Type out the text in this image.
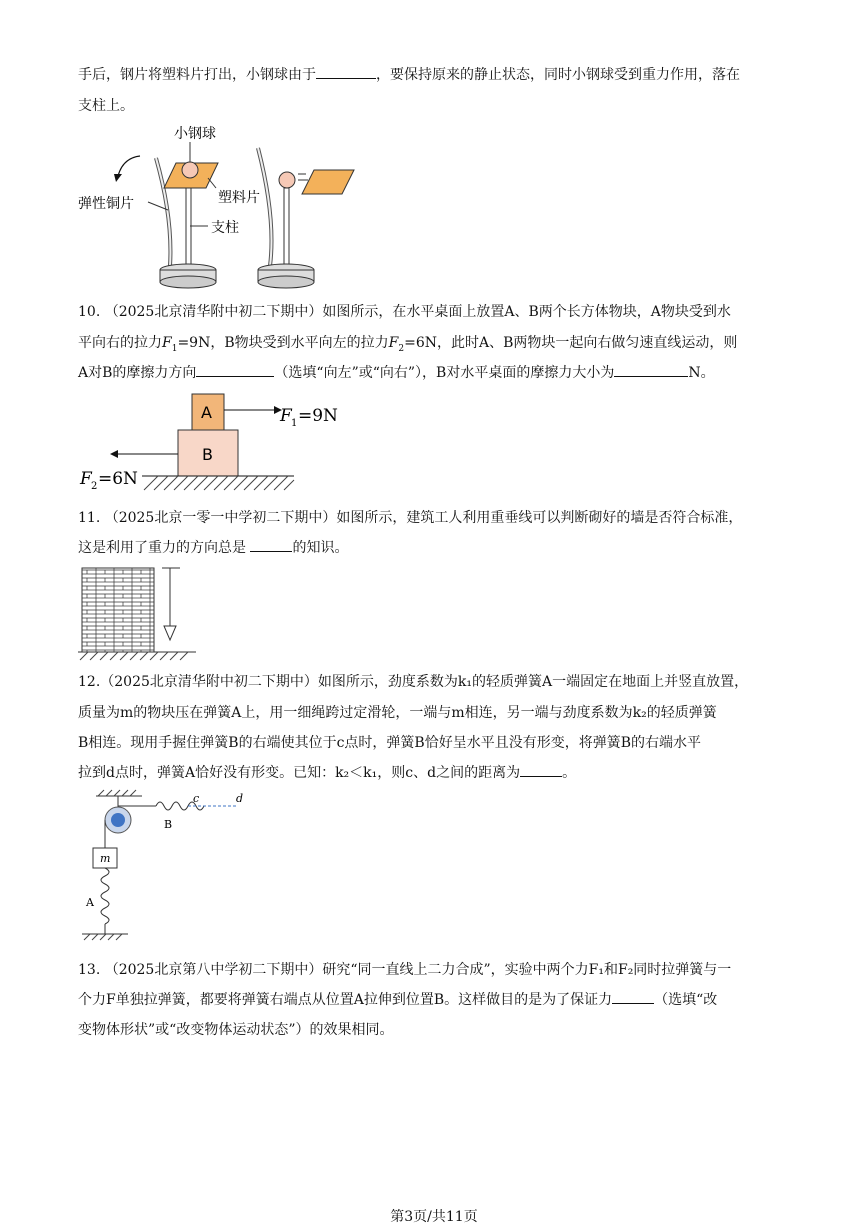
手后，钢片将塑料片打出，小钢球由于	，要保持原来的静止状态，同时小钢球受到重力作用，落在

支柱上。

小钢球
塑料片
弹性铜片
支柱

10. （2025北京清华附中初二下期中）如图所示，在水平桌面上放置A、B两个长方体物块，A物块受到水

平向右的拉力$F_1=9N$，B物块受到水平向左的拉力$F_2=6N$，此时A、B两物块一起向右做匀速直线运动，则

A对B的摩擦力方向	（选填“向左”或“向右”），B对水平桌面的摩擦力大小为	N。

A
B
F 1 =9N
F 2 =6N

11. （2025北京一零一中学初二下期中）如图所示，建筑工人利用重垂线可以判断砌好的墙是否符合标准，

这是利用了重力的方向总是	的知识。

12.（2025北京清华附中初二下期中）如图所示，劲度系数为k₁的轻质弹簧A一端固定在地面上并竖直放置，

质量为m的物块压在弹簧A上，用一细绳跨过定滑轮，一端与m相连，另一端与劲度系数为k₂的轻质弹簧

B相连。现用手握住弹簧B的右端使其位于c点时，弹簧B恰好呈水平且没有形变，将弹簧B的右端水平

拉到d点时，弹簧A恰好没有形变。已知：k₂＜k₁，则c、d之间的距离为	。

c	d
B
m
A

13. （2025北京第八中学初二下期中）研究“同一直线上二力合成”，实验中两个力F₁和F₂同时拉弹簧与一

个力F单独拉弹簧，都要将弹簧右端点从位置A拉伸到位置B。这样做目的是为了保证力	（选填“改

变物体形状”或“改变物体运动状态”）的效果相同。

第3页/共11页
